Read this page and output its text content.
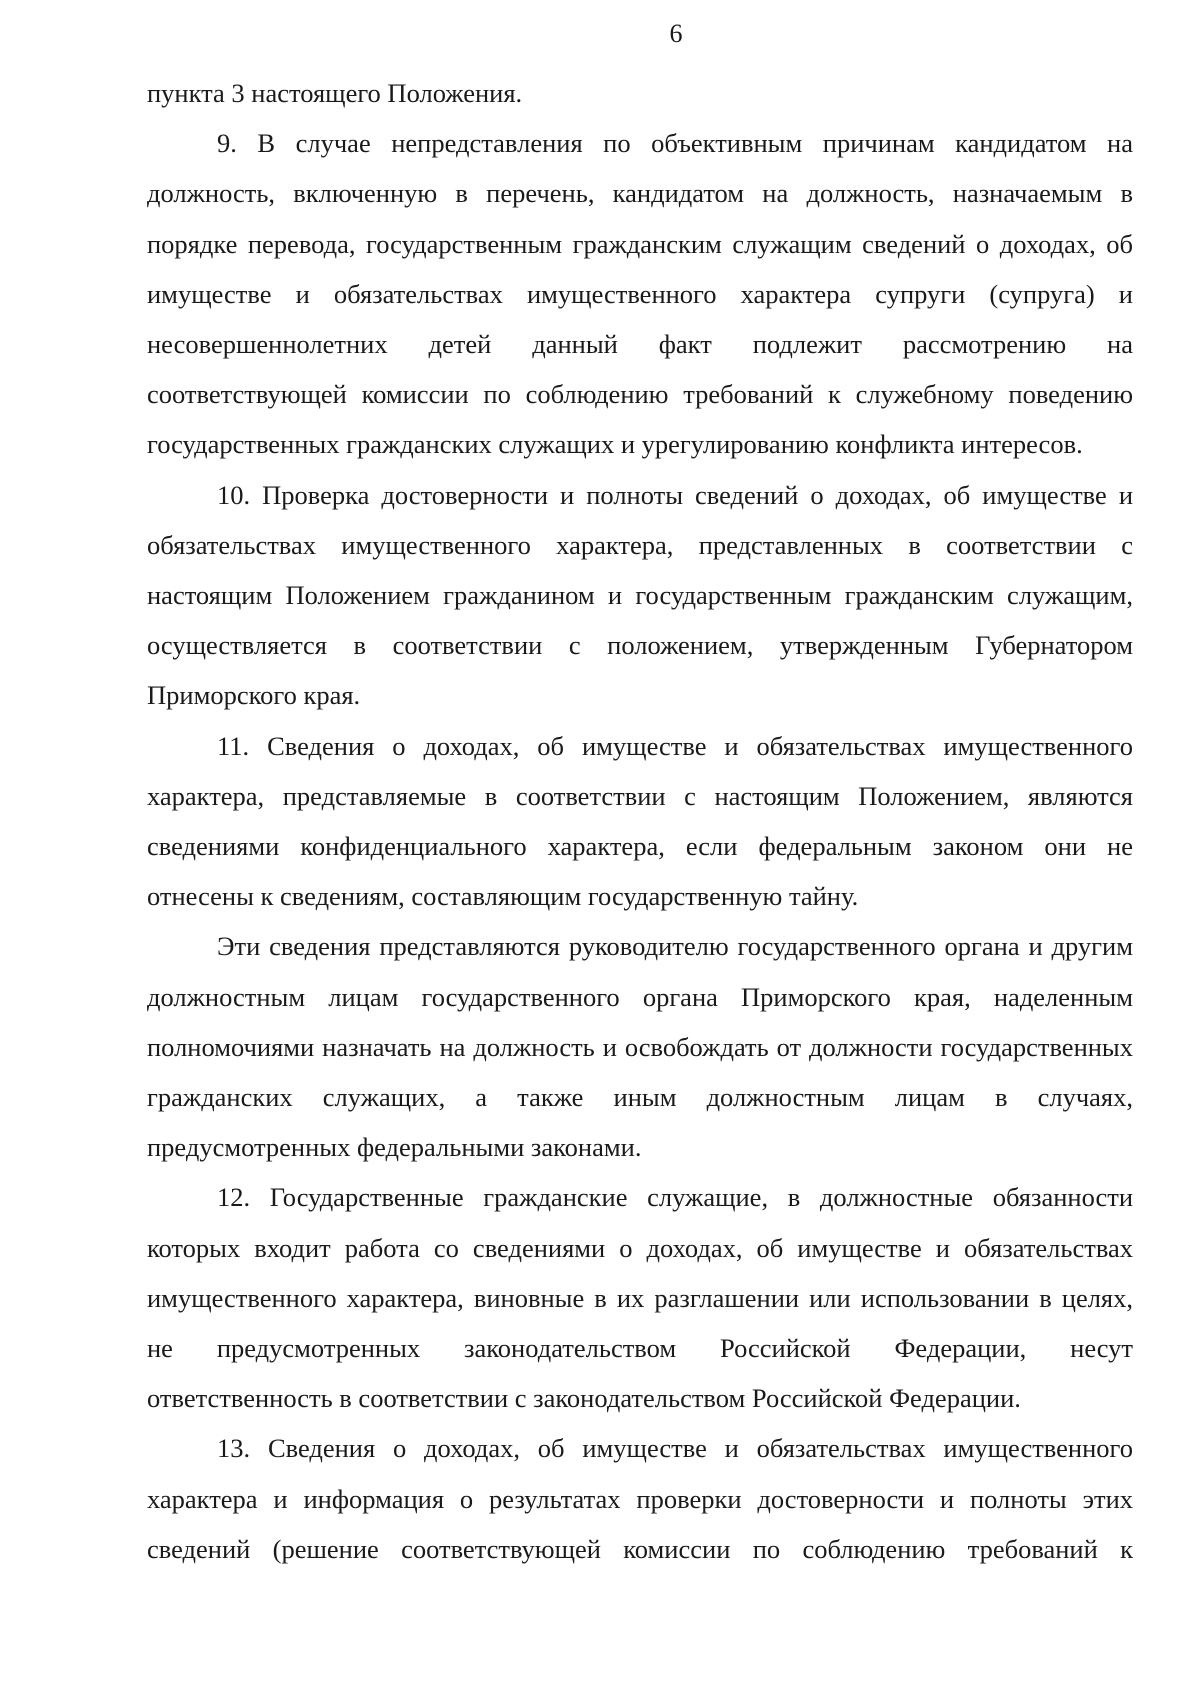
6

пункта 3 настоящего Положения.

9. В случае непредставления по объективным причинам кандидатом на должность, включенную в перечень, кандидатом на должность, назначаемым в порядке перевода, государственным гражданским служащим сведений о доходах, об имуществе и обязательствах имущественного характера супруги (супруга) и несовершеннолетних детей данный факт подлежит рассмотрению на соответствующей комиссии по соблюдению требований к служебному поведению государственных гражданских служащих и урегулированию конфликта интересов.

10. Проверка достоверности и полноты сведений о доходах, об имуществе и обязательствах имущественного характера, представленных в соответствии с настоящим Положением гражданином и государственным гражданским служащим, осуществляется в соответствии с положением, утвержденным Губернатором Приморского края.

11. Сведения о доходах, об имуществе и обязательствах имущественного характера, представляемые в соответствии с настоящим Положением, являются сведениями конфиденциального характера, если федеральным законом они не отнесены к сведениям, составляющим государственную тайну.

Эти сведения представляются руководителю государственного органа и другим должностным лицам государственного органа Приморского края, наделенным полномочиями назначать на должность и освобождать от должности государственных гражданских служащих, а также иным должностным лицам в случаях, предусмотренных федеральными законами.

12. Государственные гражданские служащие, в должностные обязанности которых входит работа со сведениями о доходах, об имуществе и обязательствах имущественного характера, виновные в их разглашении или использовании в целях, не предусмотренных законодательством Российской Федерации, несут ответственность в соответствии с законодательством Российской Федерации.

13. Сведения о доходах, об имуществе и обязательствах имущественного характера и информация о результатах проверки достоверности и полноты этих сведений (решение соответствующей комиссии по соблюдению требований к
